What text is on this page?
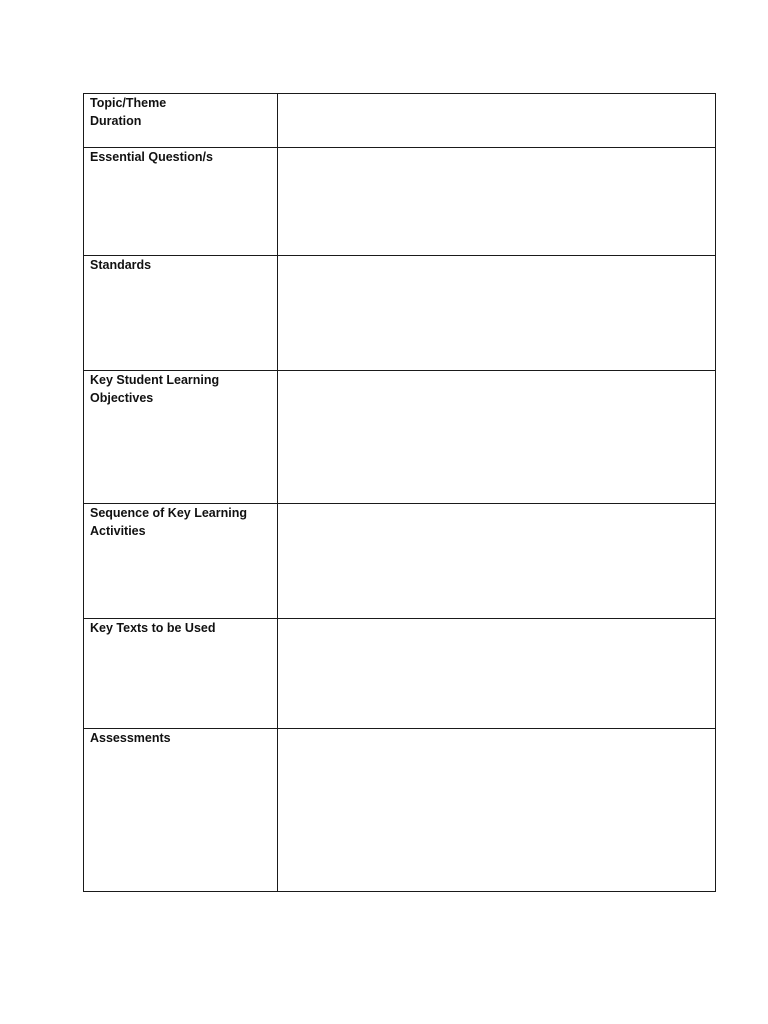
Topic/Theme
Duration	

Essential Question/s	

Standards	

Key Student Learning
Objectives	

Sequence of Key Learning
Activities	

Key Texts to be Used	

Assessments	
